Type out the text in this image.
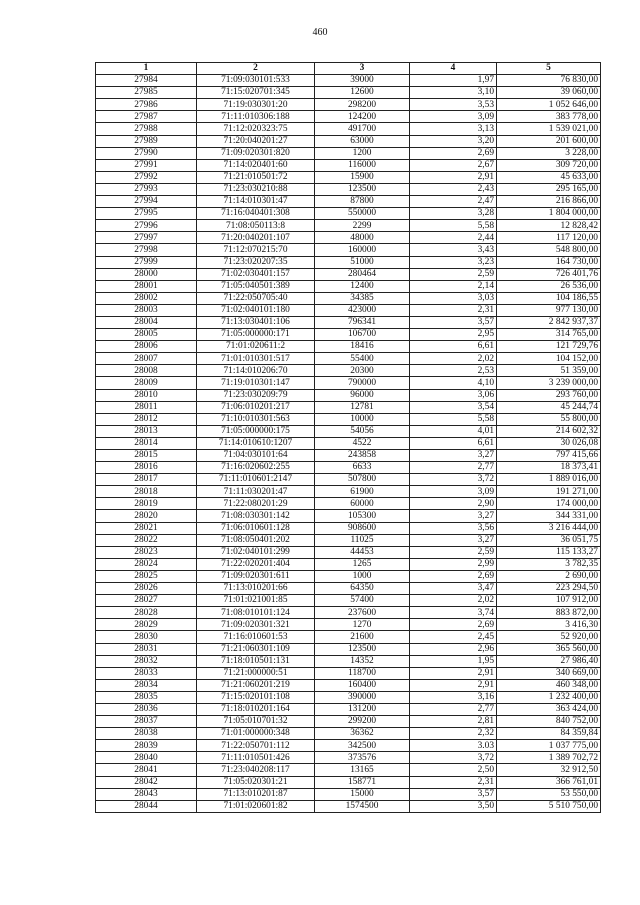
460
1	2	3	4	5
27984	71:09:030101:533	39000	1,97	76 830,00
27985	71:15:020701:345	12600	3,10	39 060,00
27986	71:19:030301:20	298200	3,53	1 052 646,00
27987	71:11:010306:188	124200	3,09	383 778,00
27988	71:12:020323:75	491700	3,13	1 539 021,00
27989	71:20:040201:27	63000	3,20	201 600,00
27990	71:09:020301:820	1200	2,69	3 228,00
27991	71:14:020401:60	116000	2,67	309 720,00
27992	71:21:010501:72	15900	2,91	45 633,00
27993	71:23:030210:88	123500	2,43	295 165,00
27994	71:14:010301:47	87800	2,47	216 866,00
27995	71:16:040401:308	550000	3,28	1 804 000,00
27996	71:08:050113:8	2299	5,58	12 828,42
27997	71:20:040201:107	48000	2,44	117 120,00
27998	71:12:070215:70	160000	3,43	548 800,00
27999	71:23:020207:35	51000	3,23	164 730,00
28000	71:02:030401:157	280464	2,59	726 401,76
28001	71:05:040501:389	12400	2,14	26 536,00
28002	71:22:050705:40	34385	3,03	104 186,55
28003	71:02:040101:180	423000	2,31	977 130,00
28004	71:13:030401:106	796341	3,57	2 842 937,37
28005	71:05:000000:171	106700	2,95	314 765,00
28006	71:01:020611:2	18416	6,61	121 729,76
28007	71:01:010301:517	55400	2,02	104 152,00
28008	71:14:010206:70	20300	2,53	51 359,00
28009	71:19:010301:147	790000	4,10	3 239 000,00
28010	71:23:030209:79	96000	3,06	293 760,00
28011	71:06:010201:217	12781	3,54	45 244,74
28012	71:10:010301:563	10000	5,58	55 800,00
28013	71:05:000000:175	54056	4,01	214 602,32
28014	71:14:010610:1207	4522	6,61	30 026,08
28015	71:04:030101:64	243858	3,27	797 415,66
28016	71:16:020602:255	6633	2,77	18 373,41
28017	71:11:010601:2147	507800	3,72	1 889 016,00
28018	71:11:030201:47	61900	3,09	191 271,00
28019	71:22:080201:29	60000	2,90	174 000,00
28020	71:08:030301:142	105300	3,27	344 331,00
28021	71:06:010601:128	908600	3,56	3 216 444,00
28022	71:08:050401:202	11025	3,27	36 051,75
28023	71:02:040101:299	44453	2,59	115 133,27
28024	71:22:020201:404	1265	2,99	3 782,35
28025	71:09:020301:611	1000	2,69	2 690,00
28026	71:13:010201:66	64350	3,47	223 294,50
28027	71:01:021001:85	57400	2,02	107 912,00
28028	71:08:010101:124	237600	3,74	883 872,00
28029	71:09:020301:321	1270	2,69	3 416,30
28030	71:16:010601:53	21600	2,45	52 920,00
28031	71:21:060301:109	123500	2,96	365 560,00
28032	71:18:010501:131	14352	1,95	27 986,40
28033	71:21:000000:51	118700	2,91	340 669,00
28034	71:21:060201:219	160400	2,91	460 348,00
28035	71:15:020101:108	390000	3,16	1 232 400,00
28036	71:18:010201:164	131200	2,77	363 424,00
28037	71:05:010701:32	299200	2,81	840 752,00
28038	71:01:000000:348	36362	2,32	84 359,84
28039	71:22:050701:112	342500	3.03	1 037 775,00
28040	71:11:010501:426	373576	3,72	1 389 702,72
28041	71:23:040208:117	13165	2,50	32 912,50
28042	71:05:020301:21	158771	2,31	366 761,01
28043	71:13:010201:87	15000	3,57	53 550,00
28044	71:01:020601:82	1574500	3,50	5 510 750,00
